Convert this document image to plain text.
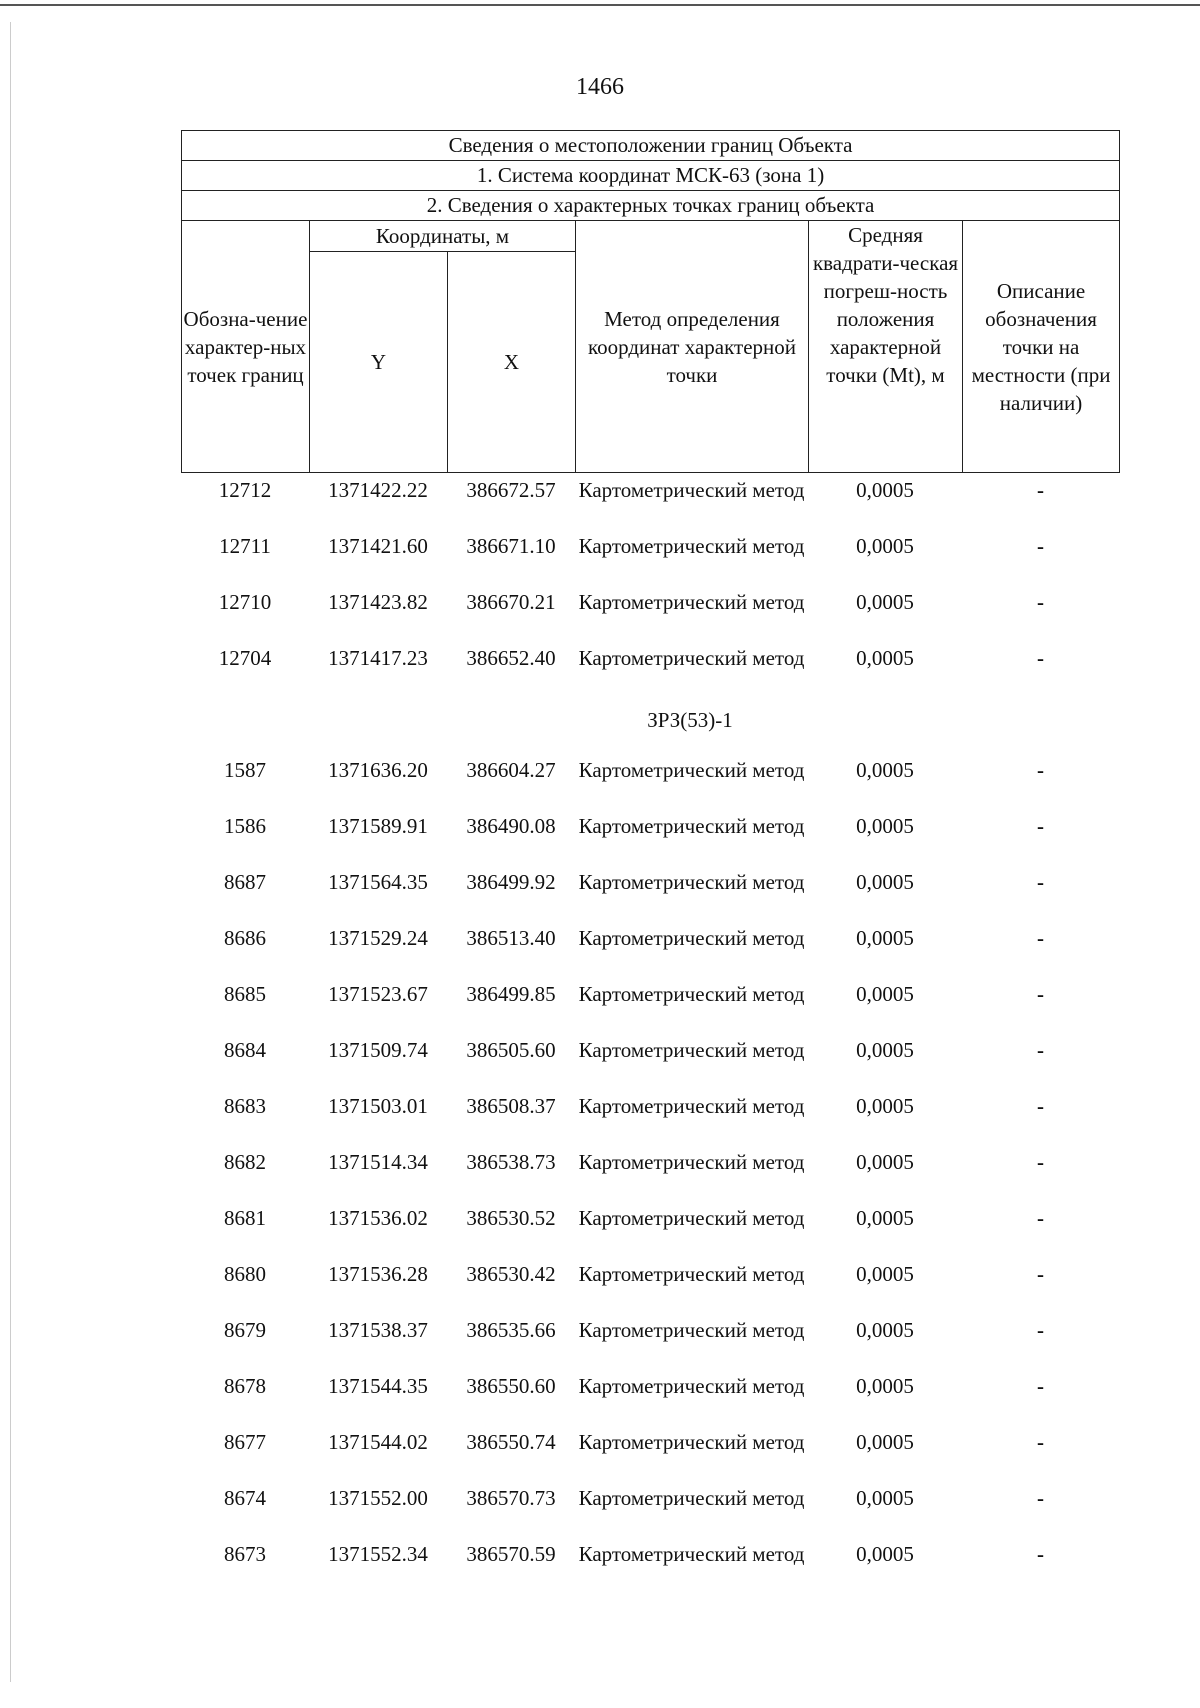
1466
Сведения о местоположении границ Объекта					
1. Система координат МСК-63 (зона 1)					
2. Сведения о характерных точках границ объекта					
Обозна-чение характер-ных точек границ	Координаты, м		Метод определения координат характерной точки	Средняя квадрати-ческая погреш-ность положения характерной точки (Mt), м	Описание обозначения точки на местности (при наличии)
	Y	X			
12712	1371422.22	386672.57	Картометрический метод	0,0005	-
12711	1371421.60	386671.10	Картометрический метод	0,0005	-
12710	1371423.82	386670.21	Картометрический метод	0,0005	-
12704	1371417.23	386652.40	Картометрический метод	0,0005	-
ЗРЗ(53)-1
1587	1371636.20	386604.27	Картометрический метод	0,0005	-
1586	1371589.91	386490.08	Картометрический метод	0,0005	-
8687	1371564.35	386499.92	Картометрический метод	0,0005	-
8686	1371529.24	386513.40	Картометрический метод	0,0005	-
8685	1371523.67	386499.85	Картометрический метод	0,0005	-
8684	1371509.74	386505.60	Картометрический метод	0,0005	-
8683	1371503.01	386508.37	Картометрический метод	0,0005	-
8682	1371514.34	386538.73	Картометрический метод	0,0005	-
8681	1371536.02	386530.52	Картометрический метод	0,0005	-
8680	1371536.28	386530.42	Картометрический метод	0,0005	-
8679	1371538.37	386535.66	Картометрический метод	0,0005	-
8678	1371544.35	386550.60	Картометрический метод	0,0005	-
8677	1371544.02	386550.74	Картометрический метод	0,0005	-
8674	1371552.00	386570.73	Картометрический метод	0,0005	-
8673	1371552.34	386570.59	Картометрический метод	0,0005	-
